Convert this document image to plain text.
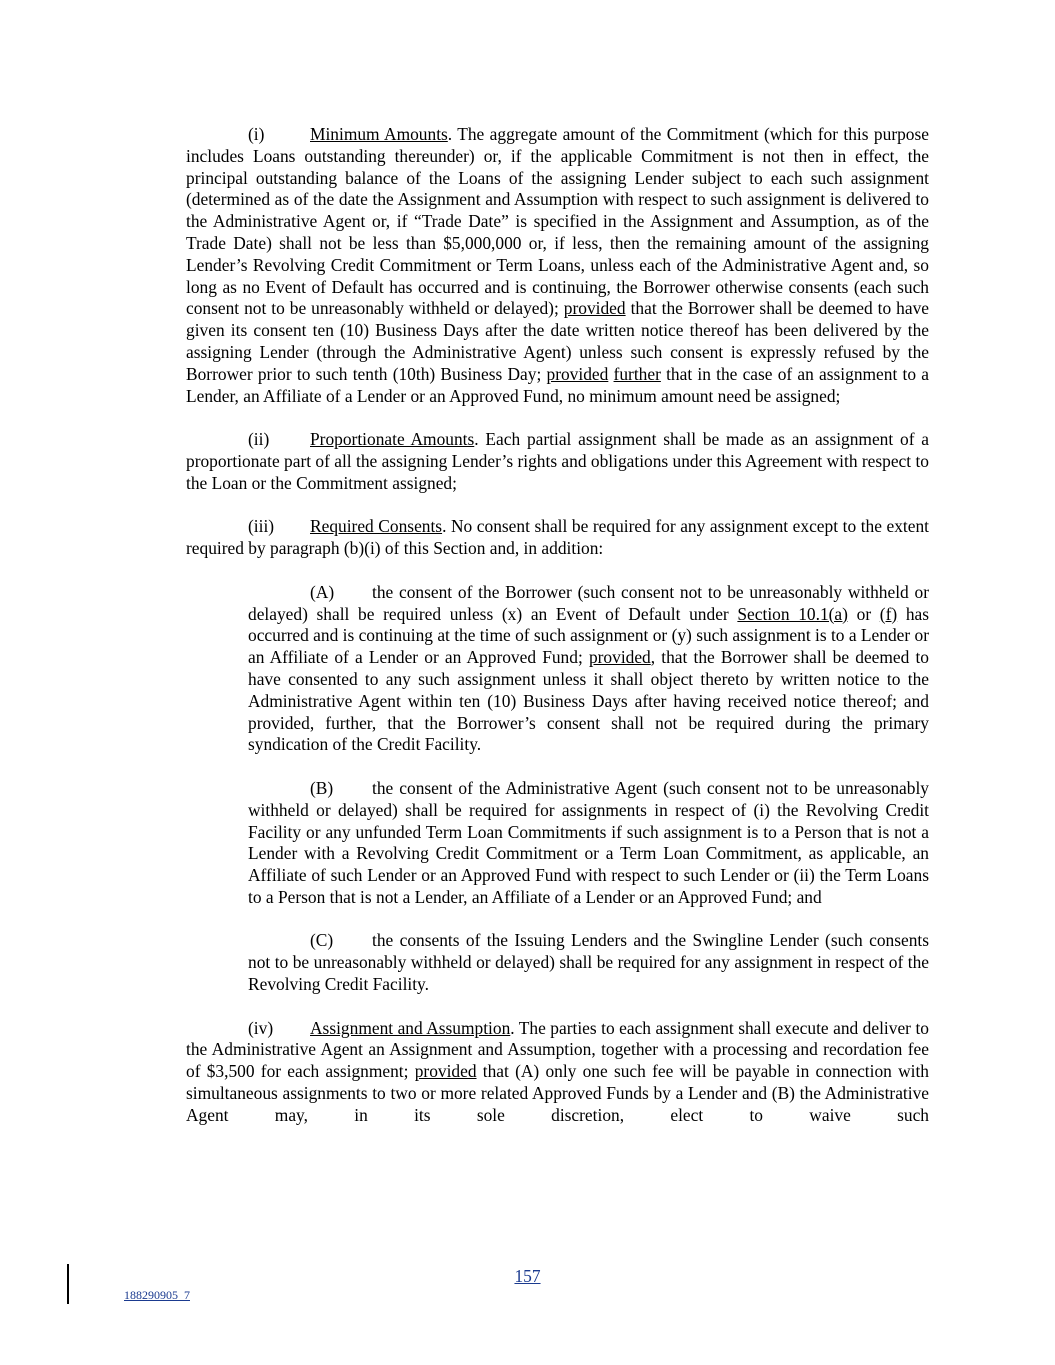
(i)	Minimum Amounts. The aggregate amount of the Commitment (which for this purpose includes Loans outstanding thereunder) or, if the applicable Commitment is not then in effect, the principal outstanding balance of the Loans of the assigning Lender subject to each such assignment (determined as of the date the Assignment and Assumption with respect to such assignment is delivered to the Administrative Agent or, if “Trade Date” is specified in the Assignment and Assumption, as of the Trade Date) shall not be less than $5,000,000 or, if less, then the remaining amount of the assigning Lender’s Revolving Credit Commitment or Term Loans, unless each of the Administrative Agent and, so long as no Event of Default has occurred and is continuing, the Borrower otherwise consents (each such consent not to be unreasonably withheld or delayed); provided that the Borrower shall be deemed to have given its consent ten (10) Business Days after the date written notice thereof has been delivered by the assigning Lender (through the Administrative Agent) unless such consent is expressly refused by the Borrower prior to such tenth (10th) Business Day; provided further that in the case of an assignment to a Lender, an Affiliate of a Lender or an Approved Fund, no minimum amount need be assigned;

(ii) Proportionate Amounts. Each partial assignment shall be made as an assignment of a proportionate part of all the assigning Lender’s rights and obligations under this Agreement with respect to the Loan or the Commitment assigned;

(iii) Required Consents. No consent shall be required for any assignment except to the extent required by paragraph (b)(i) of this Section and, in addition:

(A) the consent of the Borrower (such consent not to be unreasonably withheld or delayed) shall be required unless (x) an Event of Default under Section 10.1(a) or (f) has occurred and is continuing at the time of such assignment or (y) such assignment is to a Lender or an Affiliate of a Lender or an Approved Fund; provided, that the Borrower shall be deemed to have consented to any such assignment unless it shall object thereto by written notice to the Administrative Agent within ten (10) Business Days after having received notice thereof; and provided, further, that the Borrower’s consent shall not be required during the primary syndication of the Credit Facility.

(B) the consent of the Administrative Agent (such consent not to be unreasonably withheld or delayed) shall be required for assignments in respect of (i) the Revolving Credit Facility or any unfunded Term Loan Commitments if such assignment is to a Person that is not a Lender with a Revolving Credit Commitment or a Term Loan Commitment, as applicable, an Affiliate of such Lender or an Approved Fund with respect to such Lender or (ii) the Term Loans to a Person that is not a Lender, an Affiliate of a Lender or an Approved Fund; and

(C) the consents of the Issuing Lenders and the Swingline Lender (such consents not to be unreasonably withheld or delayed) shall be required for any assignment in respect of the Revolving Credit Facility.

(iv) Assignment and Assumption. The parties to each assignment shall execute and deliver to the Administrative Agent an Assignment and Assumption, together with a processing and recordation fee of $3,500 for each assignment; provided that (A) only one such fee will be payable in connection with simultaneous assignments to two or more related Approved Funds by a Lender and (B) the Administrative Agent may, in its sole discretion, elect to waive such

157
188290905_7
